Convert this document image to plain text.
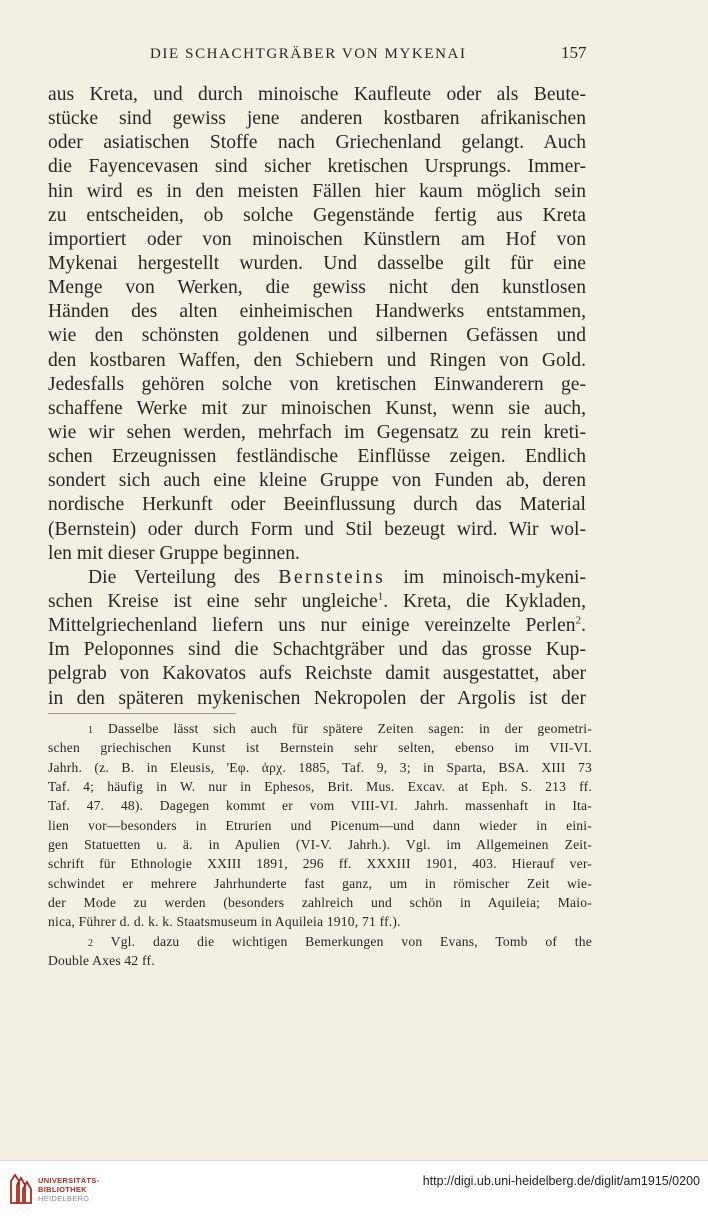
DIE SCHACHTGRÄBER VON MYKENAI	157
aus Kreta, und durch minoische Kaufleute oder als Beute-
stücke sind gewiss jene anderen kostbaren afrikanischen
oder asiatischen Stoffe nach Griechenland gelangt. Auch
die Fayencevasen sind sicher kretischen Ursprungs. Immer-
hin wird es in den meisten Fällen hier kaum möglich sein
zu entscheiden, ob solche Gegenstände fertig aus Kreta
importiert oder von minoischen Künstlern am Hof von
Mykenai hergestellt wurden. Und dasselbe gilt für eine
Menge von Werken, die gewiss nicht den kunstlosen
Händen des alten einheimischen Handwerks entstammen,
wie den schönsten goldenen und silbernen Gefässen und
den kostbaren Waffen, den Schiebern und Ringen von Gold.
Jedesfalls gehören solche von kretischen Einwanderern ge-
schaffene Werke mit zur minoischen Kunst, wenn sie auch,
wie wir sehen werden, mehrfach im Gegensatz zu rein kreti-
schen Erzeugnissen festländische Einflüsse zeigen. Endlich
sondert sich auch eine kleine Gruppe von Funden ab, deren
nordische Herkunft oder Beeinflussung durch das Material
(Bernstein) oder durch Form und Stil bezeugt wird. Wir wol-
len mit dieser Gruppe beginnen.
Die Verteilung des Bernsteins im minoisch-mykeni-
schen Kreise ist eine sehr ungleiche$^1$. Kreta, die Kykladen,
Mittelgriechenland liefern uns nur einige vereinzelte Perlen$^2$.
Im Peloponnes sind die Schachtgräber und das grosse Kup-
pelgrab von Kakovatos aufs Reichste damit ausgestattet, aber
in den späteren mykenischen Nekropolen der Argolis ist der
1 Dasselbe lässt sich auch für spätere Zeiten sagen: in der geometri-
schen griechischen Kunst ist Bernstein sehr selten, ebenso im VII-VI.
Jahrh. (z. B. in Eleusis, 'Εφ. ἀρχ. 1885, Taf. 9, 3; in Sparta, BSA. XIII 73
Taf. 4; häufig in W. nur in Ephesos, Brit. Mus. Excav. at Eph. S. 213 ff.
Taf. 47. 48). Dagegen kommt er vom VIII-VI. Jahrh. massenhaft in Ita-
lien vor—besonders in Etrurien und Picenum—und dann wieder in eini-
gen Statuetten u. ä. in Apulien (VI-V. Jahrh.). Vgl. im Allgemeinen Zeit-
schrift für Ethnologie XXIII 1891, 296 ff. XXXIII 1901, 403. Hierauf ver-
schwindet er mehrere Jahrhunderte fast ganz, um in römischer Zeit wie-
der Mode zu werden (besonders zahlreich und schön in Aquileia; Maio-
nica, Führer d. d. k. k. Staatsmuseum in Aquileia 1910, 71 ff.).
2 Vgl. dazu die wichtigen Bemerkungen von Evans, Tomb of the
Double Axes 42 ff.
UNIVERSITÄTS-
BIBLIOTHEK
HEIDELBERG
http://digi.ub.uni-heidelberg.de/diglit/am1915/0200
